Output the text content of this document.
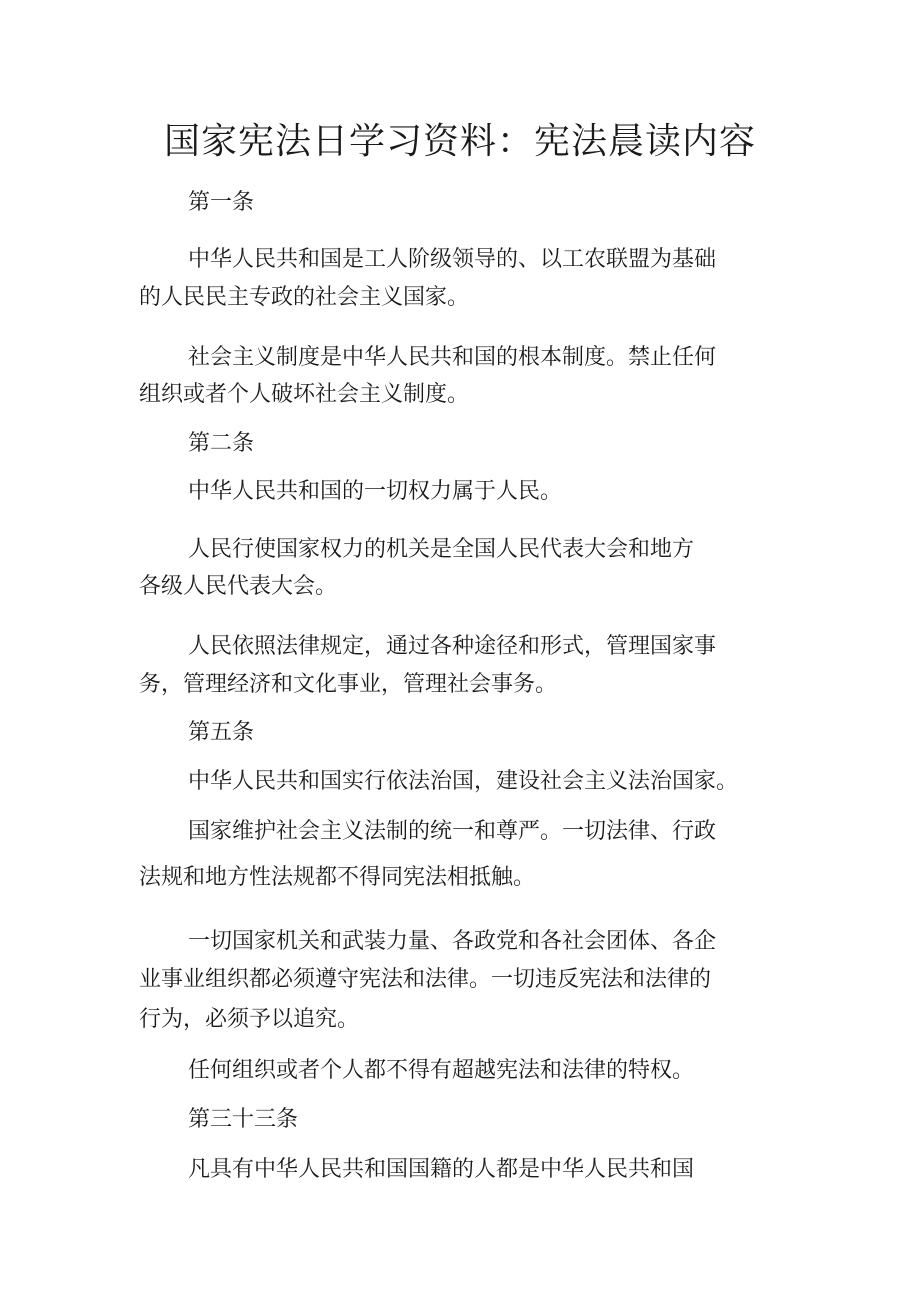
国家宪法日学习资料：宪法晨读内容

第一条

中华人民共和国是工人阶级领导的、以工农联盟为基础

的人民民主专政的社会主义国家。

社会主义制度是中华人民共和国的根本制度。禁止任何

组织或者个人破坏社会主义制度。

第二条

中华人民共和国的一切权力属于人民。

人民行使国家权力的机关是全国人民代表大会和地方

各级人民代表大会。

人民依照法律规定，通过各种途径和形式，管理国家事

务，管理经济和文化事业，管理社会事务。

第五条

中华人民共和国实行依法治国，建设社会主义法治国家。

国家维护社会主义法制的统一和尊严。一切法律、行政

法规和地方性法规都不得同宪法相抵触。

一切国家机关和武装力量、各政党和各社会团体、各企

业事业组织都必须遵守宪法和法律。一切违反宪法和法律的

行为，必须予以追究。

任何组织或者个人都不得有超越宪法和法律的特权。

第三十三条

凡具有中华人民共和国国籍的人都是中华人民共和国
